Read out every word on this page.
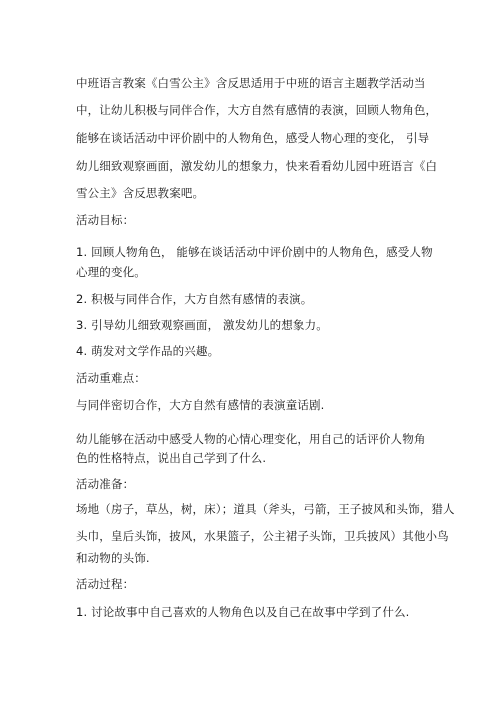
中班语言教案《白雪公主》含反思适用于中班的语言主题教学活动当
中，让幼儿积极与同伴合作，大方自然有感情的表演，回顾人物角色，
能够在谈话活动中评价剧中的人物角色，感受人物心理的变化， 引导
幼儿细致观察画面，激发幼儿的想象力，快来看看幼儿园中班语言《白
雪公主》含反思教案吧。
活动目标：
1. 回顾人物角色， 能够在谈话活动中评价剧中的人物角色，感受人物
心理的变化。
2. 积极与同伴合作，大方自然有感情的表演。
3. 引导幼儿细致观察画面， 激发幼儿的想象力。
4. 萌发对文学作品的兴趣。
活动重难点：
与同伴密切合作，大方自然有感情的表演童话剧.
幼儿能够在活动中感受人物的心情心理变化，用自己的话评价人物角
色的性格特点，说出自己学到了什么.
活动准备：
场地（房子，草丛，树，床）；道具（斧头，弓箭，王子披风和头饰，猎人
头巾，皇后头饰，披风，水果篮子，公主裙子头饰，卫兵披风）其他小鸟
和动物的头饰.
活动过程：
1. 讨论故事中自己喜欢的人物角色以及自己在故事中学到了什么.
